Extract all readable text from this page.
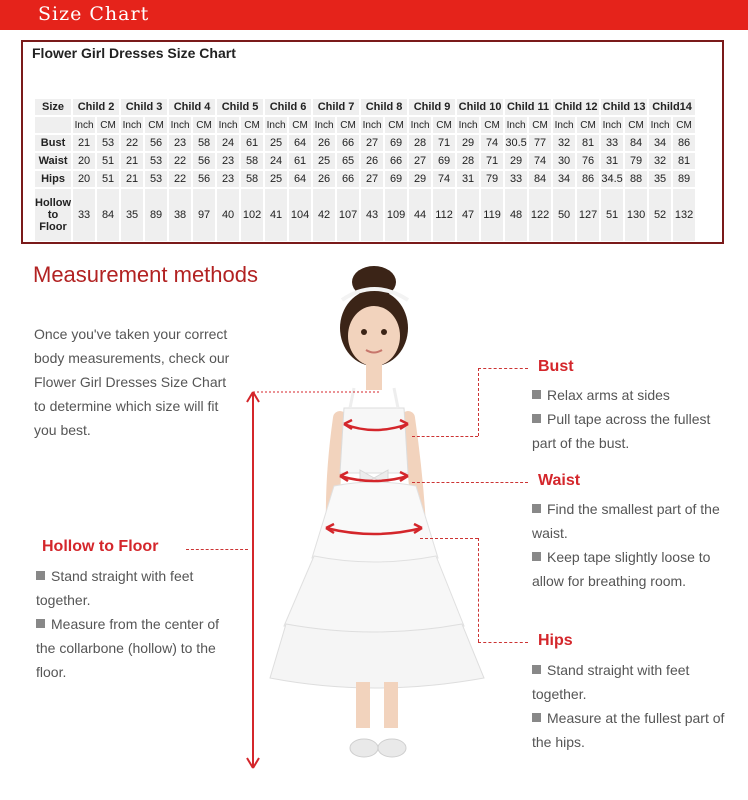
Size Chart
Flower Girl Dresses Size Chart
Size	Child 2		Child 3		Child 4		Child 5		Child 6		Child 7		Child 8		Child 9		Child 10		Child 11		Child 12		Child 13		Child14	
	Inch	CM	Inch	CM	Inch	CM	Inch	CM	Inch	CM	Inch	CM	Inch	CM	Inch	CM	Inch	CM	Inch	CM	Inch	CM	Inch	CM	Inch	CM
Bust	21	53	22	56	23	58	24	61	25	64	26	66	27	69	28	71	29	74	30.5	77	32	81	33	84	34	86
Waist	20	51	21	53	22	56	23	58	24	61	25	65	26	66	27	69	28	71	29	74	30	76	31	79	32	81
Hips	20	51	21	53	22	56	23	58	25	64	26	66	27	69	29	74	31	79	33	84	34	86	34.5	88	35	89
Hollow to Floor	33	84	35	89	38	97	40	102	41	104	42	107	43	109	44	112	47	119	48	122	50	127	51	130	52	132
Measurement methods
Once you've taken your correct body measurements, check our Flower Girl Dresses Size Chart to determine which size will fit you best.
Bust
Relax arms at sides
Pull tape across the fullest part of the bust.
Waist
Find the smallest part of the waist.
Keep tape slightly loose to allow for breathing room.
Hips
Stand straight with feet together.
Measure at the fullest part of the hips.
Hollow to Floor
Stand straight with feet together.
Measure from the center of the collarbone (hollow) to the floor.
